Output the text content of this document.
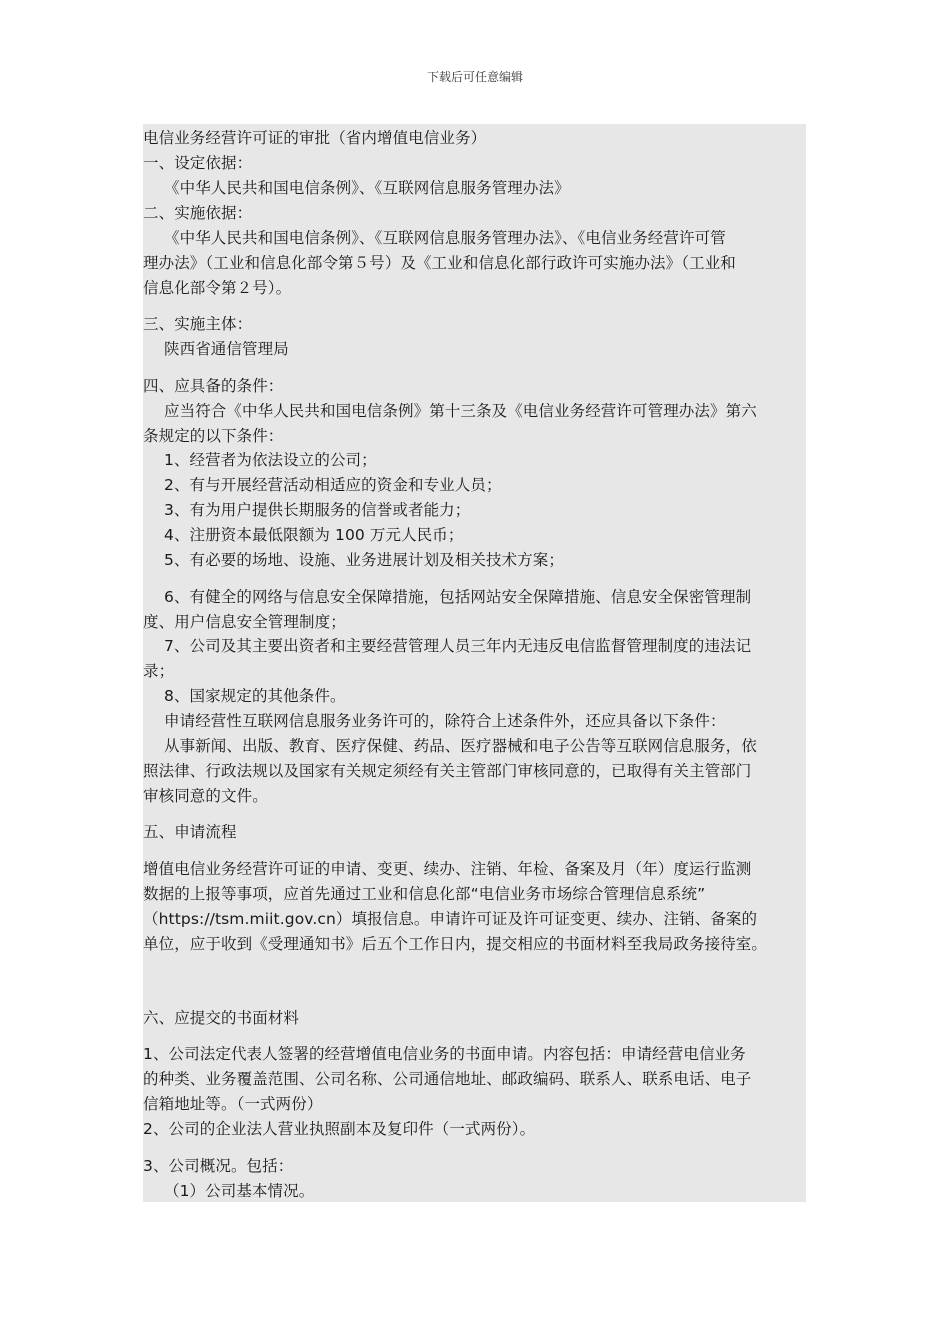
下载后可任意编辑
电信业务经营许可证的审批（省内增值电信业务）
一、设定依据：
《中华人民共和国电信条例》、《互联网信息服务管理办法》
二、实施依据：
《中华人民共和国电信条例》、《互联网信息服务管理办法》、《电信业务经营许可管
理办法》（工业和信息化部令第５号）及《工业和信息化部行政许可实施办法》（工业和
信息化部令第２号）。
三、实施主体：
陕西省通信管理局
四、应具备的条件：
应当符合《中华人民共和国电信条例》第十三条及《电信业务经营许可管理办法》第六
条规定的以下条件：
1、经营者为依法设立的公司；
2、有与开展经营活动相适应的资金和专业人员；
3、有为用户提供长期服务的信誉或者能力；
4、注册资本最低限额为 100 万元人民币；
5、有必要的场地、设施、业务进展计划及相关技术方案；
6、有健全的网络与信息安全保障措施，包括网站安全保障措施、信息安全保密管理制
度、用户信息安全管理制度；
7、公司及其主要出资者和主要经营管理人员三年内无违反电信监督管理制度的违法记
录；
8、国家规定的其他条件。
申请经营性互联网信息服务业务许可的，除符合上述条件外，还应具备以下条件：
从事新闻、出版、教育、医疗保健、药品、医疗器械和电子公告等互联网信息服务，依
照法律、行政法规以及国家有关规定须经有关主管部门审核同意的，已取得有关主管部门
审核同意的文件。
五、申请流程
增值电信业务经营许可证的申请、变更、续办、注销、年检、备案及月（年）度运行监测
数据的上报等事项，应首先通过工业和信息化部“电信业务市场综合管理信息系统”
（https://tsm.miit.gov.cn）填报信息。申请许可证及许可证变更、续办、注销、备案的
单位，应于收到《受理通知书》后五个工作日内，提交相应的书面材料至我局政务接待室。
六、应提交的书面材料
1、公司法定代表人签署的经营增值电信业务的书面申请。内容包括：申请经营电信业务
的种类、业务覆盖范围、公司名称、公司通信地址、邮政编码、联系人、联系电话、电子
信箱地址等。（一式两份）
2、公司的企业法人营业执照副本及复印件（一式两份）。
3、公司概况。包括：
（1）公司基本情况。
